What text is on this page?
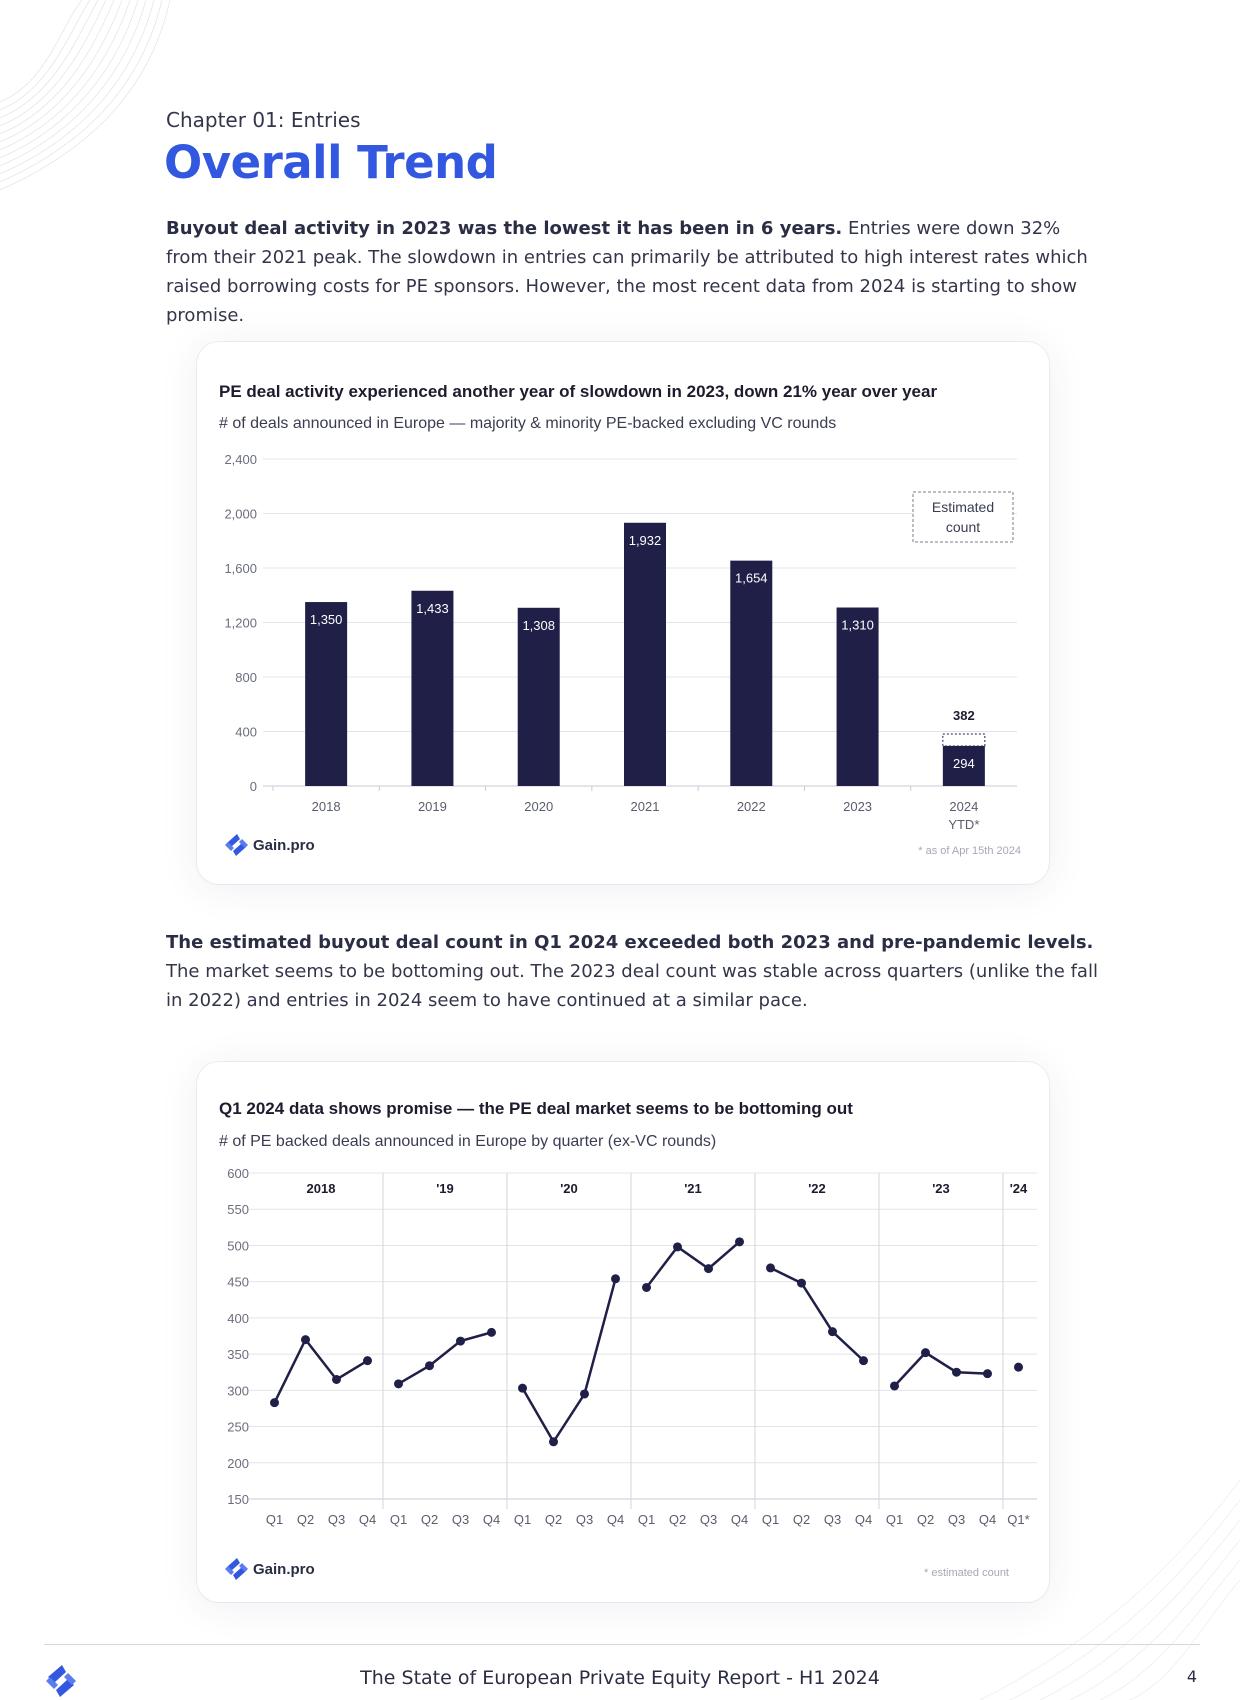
Chapter 01: Entries
Overall Trend
Buyout deal activity in 2023 was the lowest it has been in 6 years. Entries were down 32% from their 2021 peak. The slowdown in entries can primarily be attributed to high interest rates which raised borrowing costs for PE sponsors. However, the most recent data from 2024 is starting to show promise.
PE deal activity experienced another year of slowdown in 2023, down 21% year over year
# of deals announced in Europe — majority & minority PE-backed excluding VC rounds
0
400
800
1,200
1,600
2,000
2,400
1,350
2018
1,433
2019
1,308
2020
1,932
2021
1,654
2022
1,310
2023
382
294
2024
YTD*
Estimated
count
Gain.pro	* as of Apr 15th 2024
The estimated buyout deal count in Q1 2024 exceeded both 2023 and pre-pandemic levels. The market seems to be bottoming out. The 2023 deal count was stable across quarters (unlike the fall in 2022) and entries in 2024 seem to have continued at a similar pace.
Q1 2024 data shows promise — the PE deal market seems to be bottoming out
# of PE backed deals announced in Europe by quarter (ex-VC rounds)
150
200
250
300
350
400
450
500
550
600
2018
Q1 Q2 Q3 Q4
'19
Q1 Q2 Q3 Q4
'20
Q1 Q2 Q3 Q4
'21
Q1 Q2 Q3 Q4
'22
Q1 Q2 Q3 Q4
'23
Q1 Q2 Q3 Q4
'24
Q1*
Gain.pro	* estimated count
The State of European Private Equity Report - H1 2024	4
